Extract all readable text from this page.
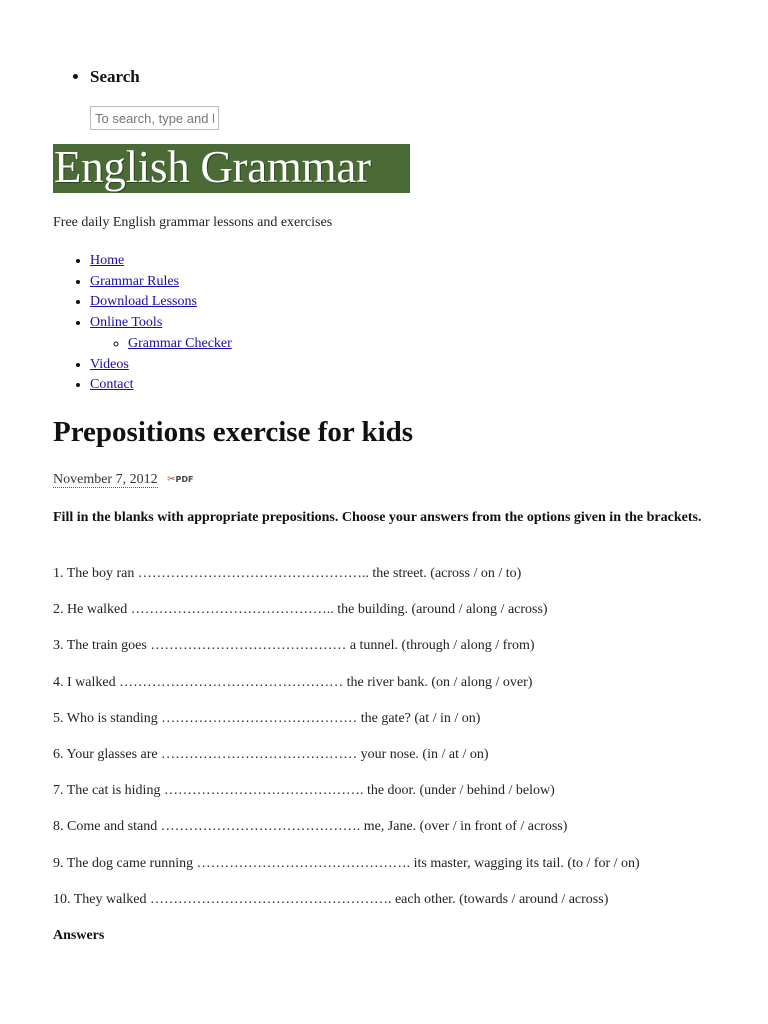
• Search
To search, type and hit enter
English Grammar
Free daily English grammar lessons and exercises
• Home
• Grammar Rules
• Download Lessons
• Online Tools
◦ Grammar Checker
• Videos
• Contact
Prepositions exercise for kids
November 7, 2012 ✂PDF

Fill in the blanks with appropriate prepositions. Choose your answers from the options given in the brackets.

1. The boy ran ………………………………………….. the street. (across / on / to)

2. He walked …………………………………….. the building. (around / along / across)

3. The train goes …………………………………… a tunnel. (through / along / from)

4. I walked ………………………………………… the river bank. (on / along / over)

5. Who is standing …………………………………… the gate? (at / in / on)

6. Your glasses are …………………………………… your nose. (in / at / on)

7. The cat is hiding ……………………………………. the door. (under / behind / below)

8. Come and stand ……………………………………. me, Jane. (over / in front of / across)

9. The dog came running ………………………………………. its master, wagging its tail. (to / for / on)

10. They walked ……………………………………………. each other. (towards / around / across)

Answers
